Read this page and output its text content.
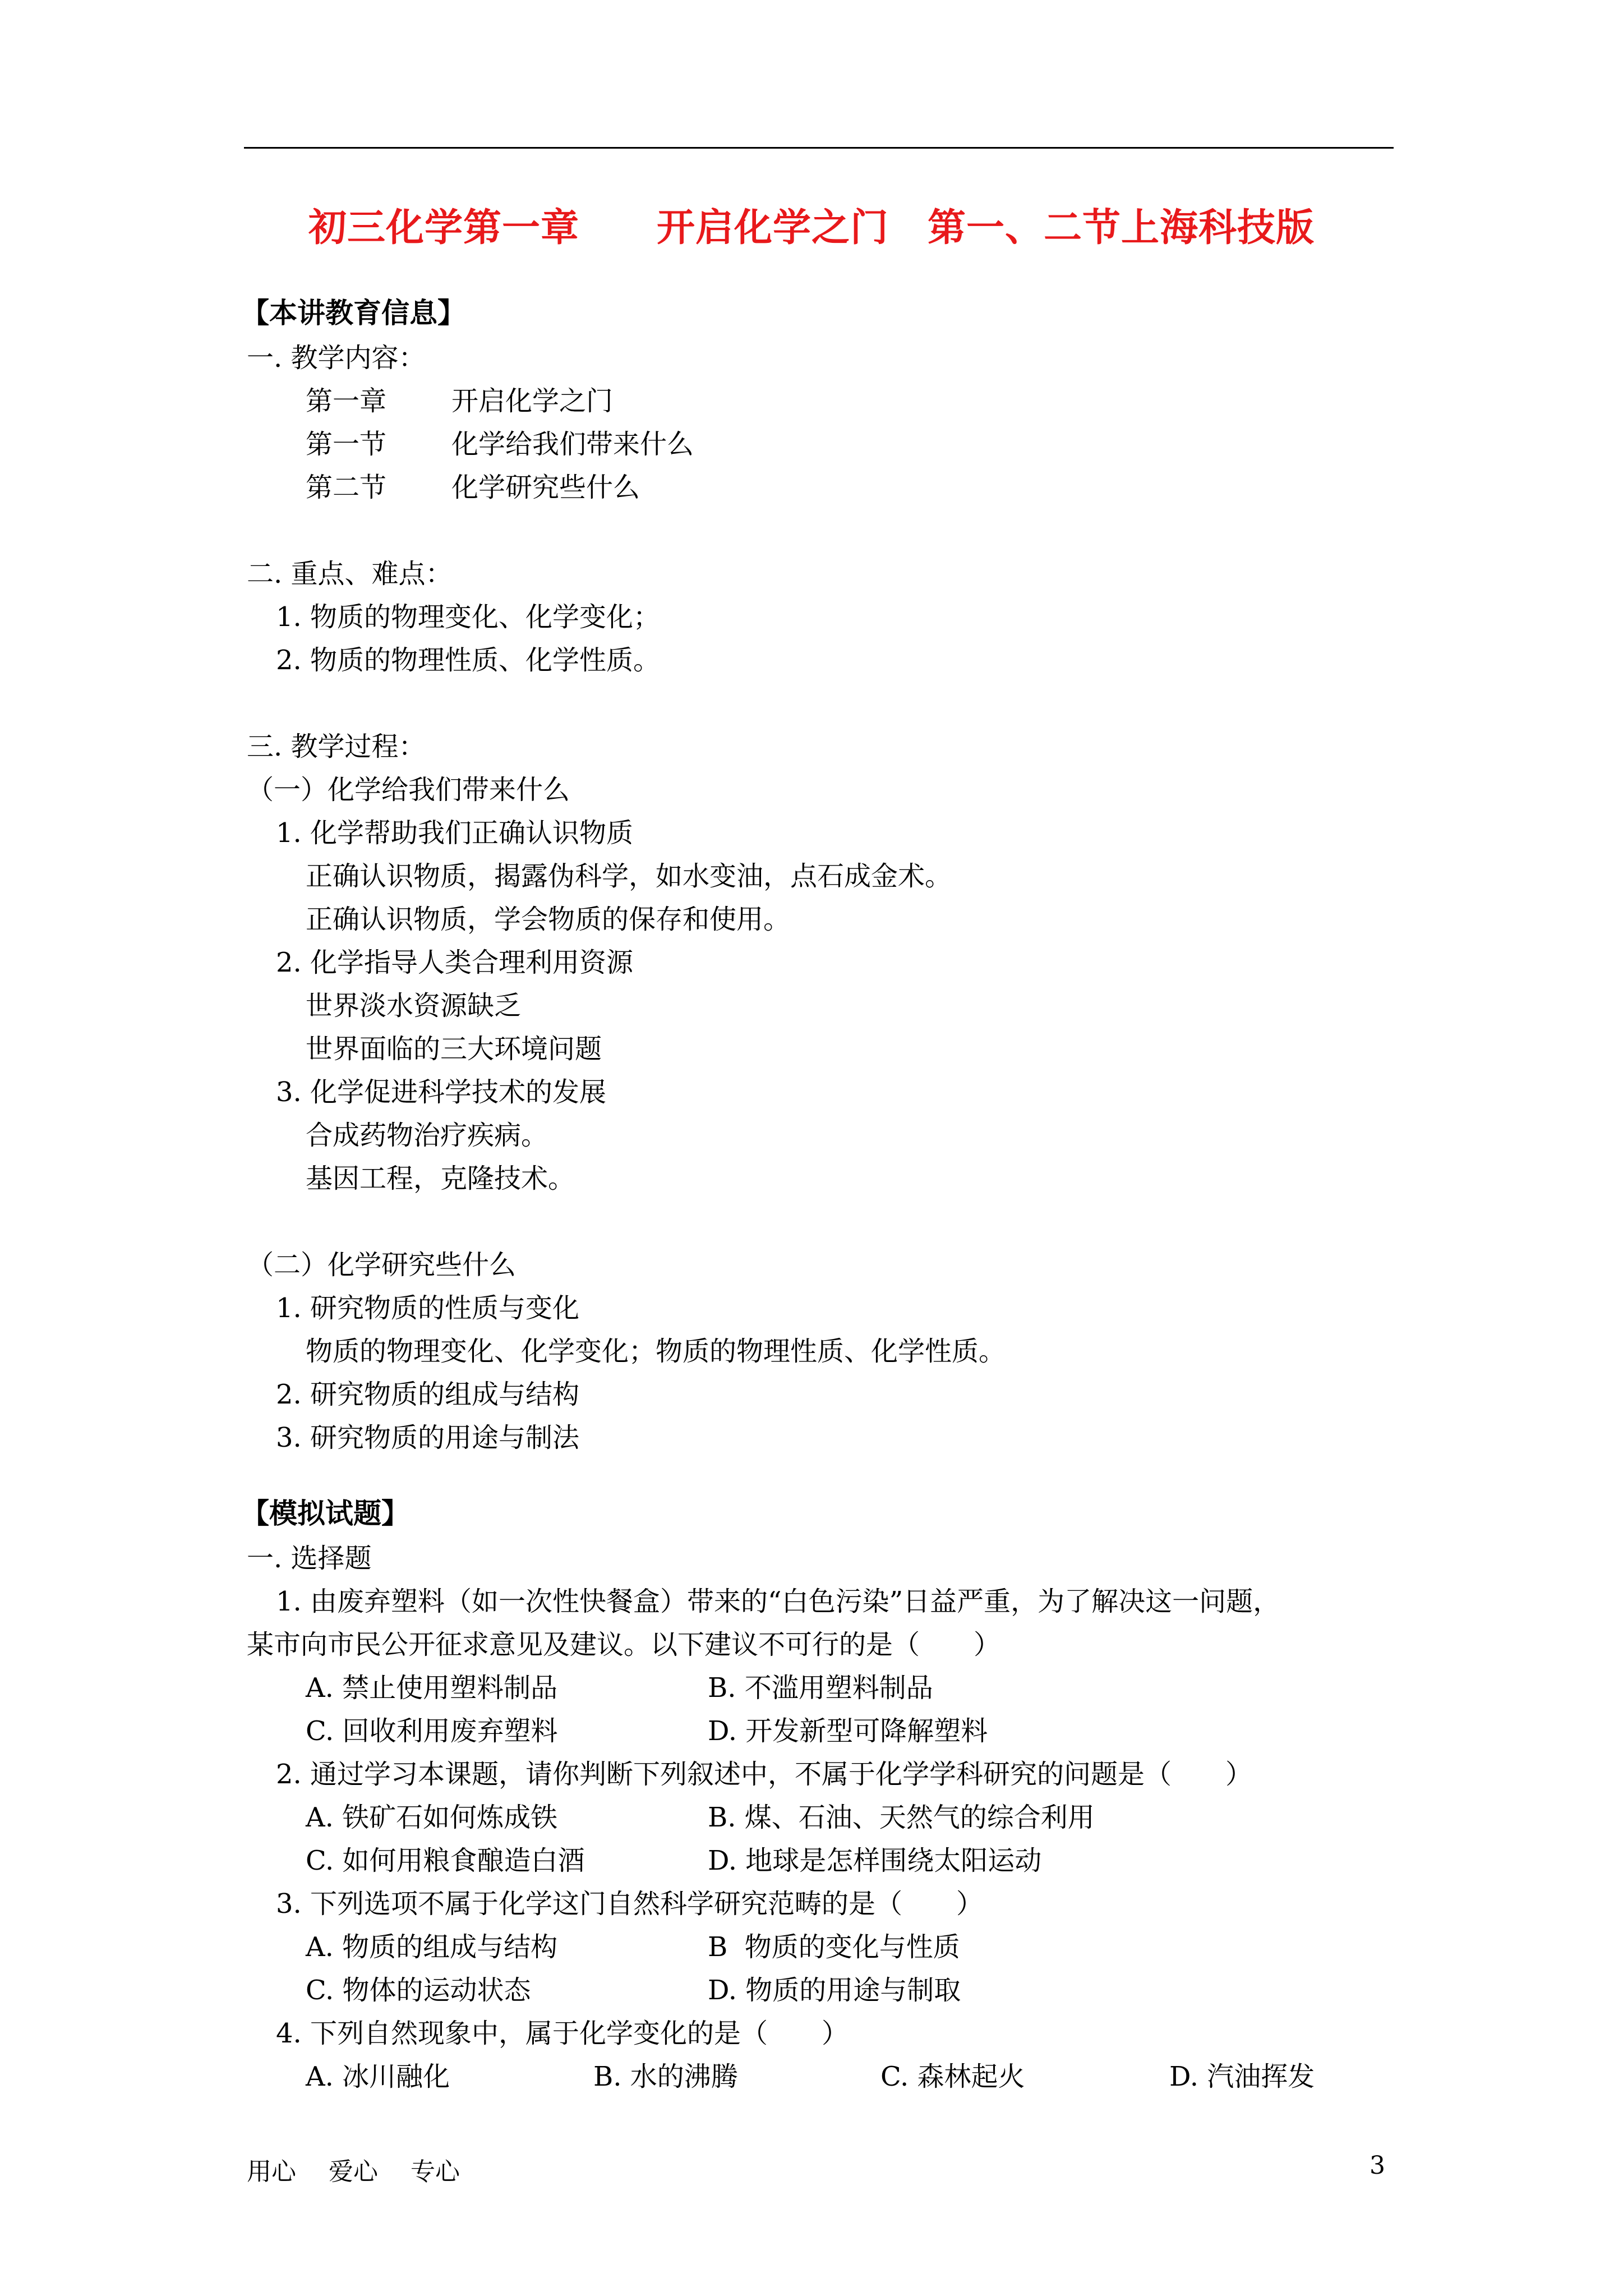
初三化学第一章　　开启化学之门　第一、二节上海科技版
【本讲教育信息】
一. 教学内容：
第一章 开启化学之门
第一节 化学给我们带来什么
第二节 化学研究些什么
二. 重点、难点：
1. 物质的物理变化、化学变化；
2. 物质的物理性质、化学性质。
三. 教学过程：
（一）化学给我们带来什么
1. 化学帮助我们正确认识物质
正确认识物质，揭露伪科学，如水变油，点石成金术。
正确认识物质，学会物质的保存和使用。
2. 化学指导人类合理利用资源
世界淡水资源缺乏
世界面临的三大环境问题
3. 化学促进科学技术的发展
合成药物治疗疾病。
基因工程，克隆技术。
（二）化学研究些什么
1. 研究物质的性质与变化
物质的物理变化、化学变化；物质的物理性质、化学性质。
2. 研究物质的组成与结构
3. 研究物质的用途与制法
【模拟试题】
一. 选择题
1. 由废弃塑料（如一次性快餐盒）带来的“白色污染”日益严重，为了解决这一问题，
某市向市民公开征求意见及建议。以下建议不可行的是（　　）
A. 禁止使用塑料制品	B. 不滥用塑料制品
C. 回收利用废弃塑料	D. 开发新型可降解塑料
2. 通过学习本课题，请你判断下列叙述中，不属于化学学科研究的问题是（　　）
A. 铁矿石如何炼成铁	B. 煤、石油、天然气的综合利用
C. 如何用粮食酿造白酒	D. 地球是怎样围绕太阳运动
3. 下列选项不属于化学这门自然科学研究范畴的是（　　）
A. 物质的组成与结构	B  物质的变化与性质
C. 物体的运动状态	D. 物质的用途与制取
4. 下列自然现象中，属于化学变化的是（　　）
A. 冰川融化	B. 水的沸腾	C. 森林起火	D. 汽油挥发
用心　 爱心　 专心	3
